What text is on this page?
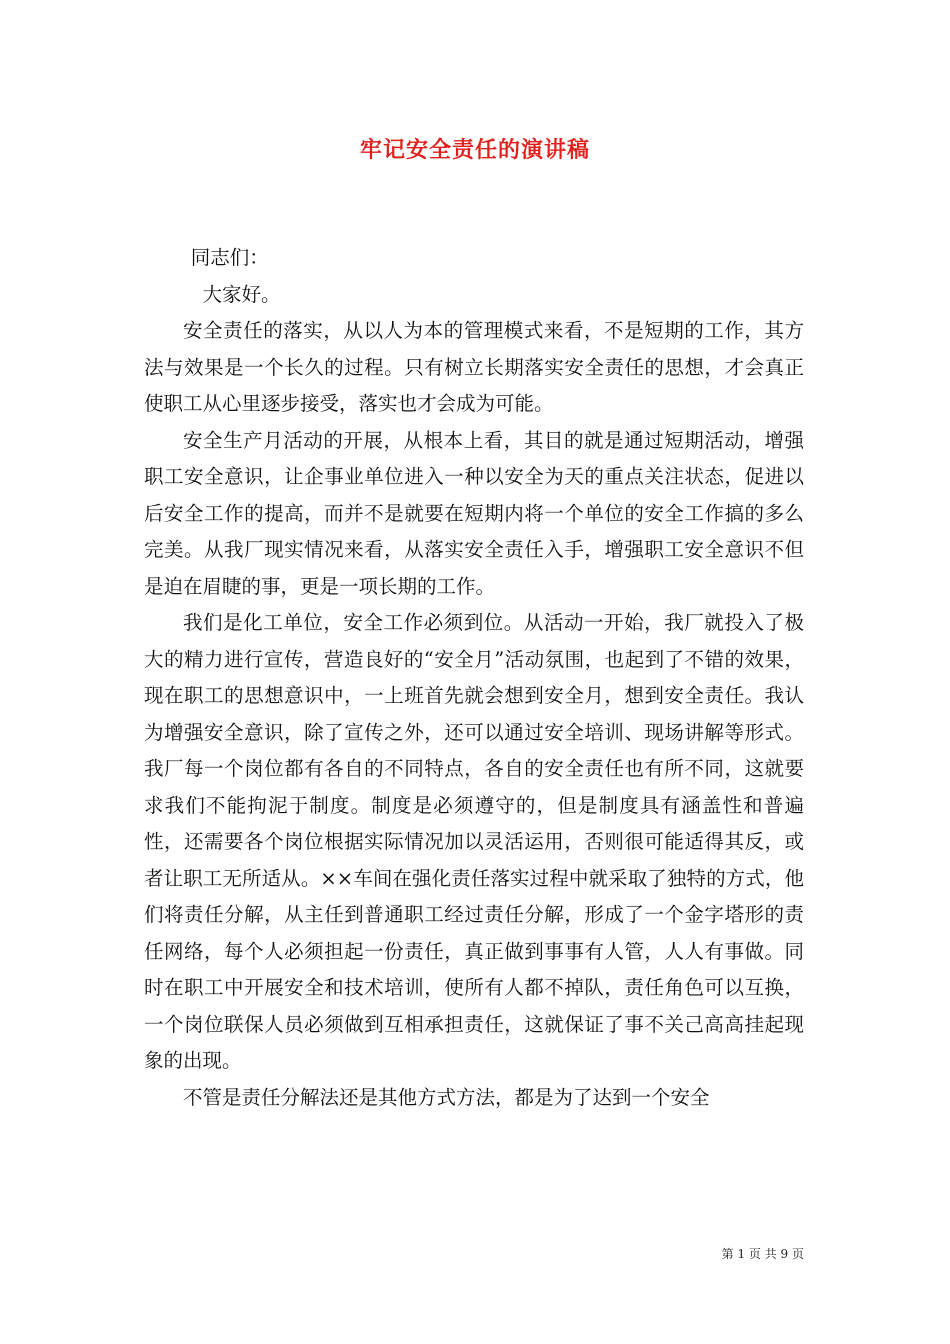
牢记安全责任的演讲稿

同志们：

大家好。

安全责任的落实，从以人为本的管理模式来看，不是短期的工作，其方法与效果是一个长久的过程。只有树立长期落实安全责任的思想，才会真正使职工从心里逐步接受，落实也才会成为可能。

安全生产月活动的开展，从根本上看，其目的就是通过短期活动，增强职工安全意识，让企事业单位进入一种以安全为天的重点关注状态，促进以后安全工作的提高，而并不是就要在短期内将一个单位的安全工作搞的多么完美。从我厂现实情况来看，从落实安全责任入手，增强职工安全意识不但是迫在眉睫的事，更是一项长期的工作。

我们是化工单位，安全工作必须到位。从活动一开始，我厂就投入了极大的精力进行宣传，营造良好的“安全月”活动氛围，也起到了不错的效果，现在职工的思想意识中，一上班首先就会想到安全月，想到安全责任。我认为增强安全意识，除了宣传之外，还可以通过安全培训、现场讲解等形式。我厂每一个岗位都有各自的不同特点，各自的安全责任也有所不同，这就要求我们不能拘泥于制度。制度是必须遵守的，但是制度具有涵盖性和普遍性，还需要各个岗位根据实际情况加以灵活运用，否则很可能适得其反，或者让职工无所适从。××车间在强化责任落实过程中就采取了独特的方式，他们将责任分解，从主任到普通职工经过责任分解，形成了一个金字塔形的责任网络，每个人必须担起一份责任，真正做到事事有人管，人人有事做。同时在职工中开展安全和技术培训，使所有人都不掉队，责任角色可以互换，一个岗位联保人员必须做到互相承担责任，这就保证了事不关己高高挂起现象的出现。

不管是责任分解法还是其他方式方法，都是为了达到一个安全

第 1 页 共 9 页
